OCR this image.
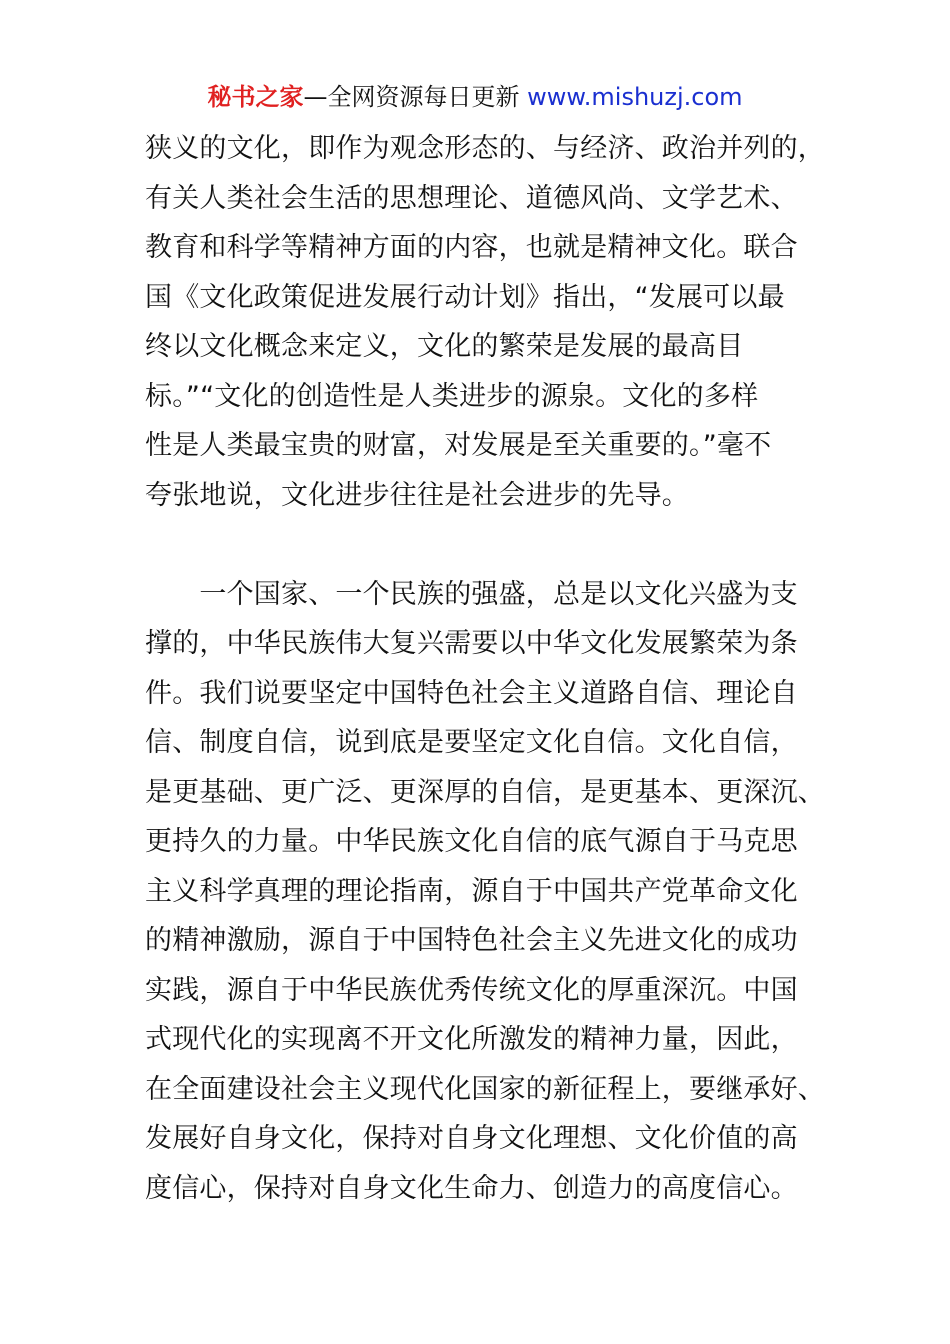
秘书之家—全网资源每日更新 www.mishuzj.com
狭义的文化，即作为观念形态的、与经济、政治并列的，
有关人类社会生活的思想理论、道德风尚、文学艺术、
教育和科学等精神方面的内容，也就是精神文化。联合
国《文化政策促进发展行动计划》指出，“发展可以最
终以文化概念来定义，文化的繁荣是发展的最高目
标。”“文化的创造性是人类进步的源泉。文化的多样
性是人类最宝贵的财富，对发展是至关重要的。”毫不
夸张地说，文化进步往往是社会进步的先导。
　　一个国家、一个民族的强盛，总是以文化兴盛为支
撑的，中华民族伟大复兴需要以中华文化发展繁荣为条
件。我们说要坚定中国特色社会主义道路自信、理论自
信、制度自信，说到底是要坚定文化自信。文化自信，
是更基础、更广泛、更深厚的自信，是更基本、更深沉、
更持久的力量。中华民族文化自信的底气源自于马克思
主义科学真理的理论指南，源自于中国共产党革命文化
的精神激励，源自于中国特色社会主义先进文化的成功
实践，源自于中华民族优秀传统文化的厚重深沉。中国
式现代化的实现离不开文化所激发的精神力量，因此，
在全面建设社会主义现代化国家的新征程上，要继承好、
发展好自身文化，保持对自身文化理想、文化价值的高
度信心，保持对自身文化生命力、创造力的高度信心。
